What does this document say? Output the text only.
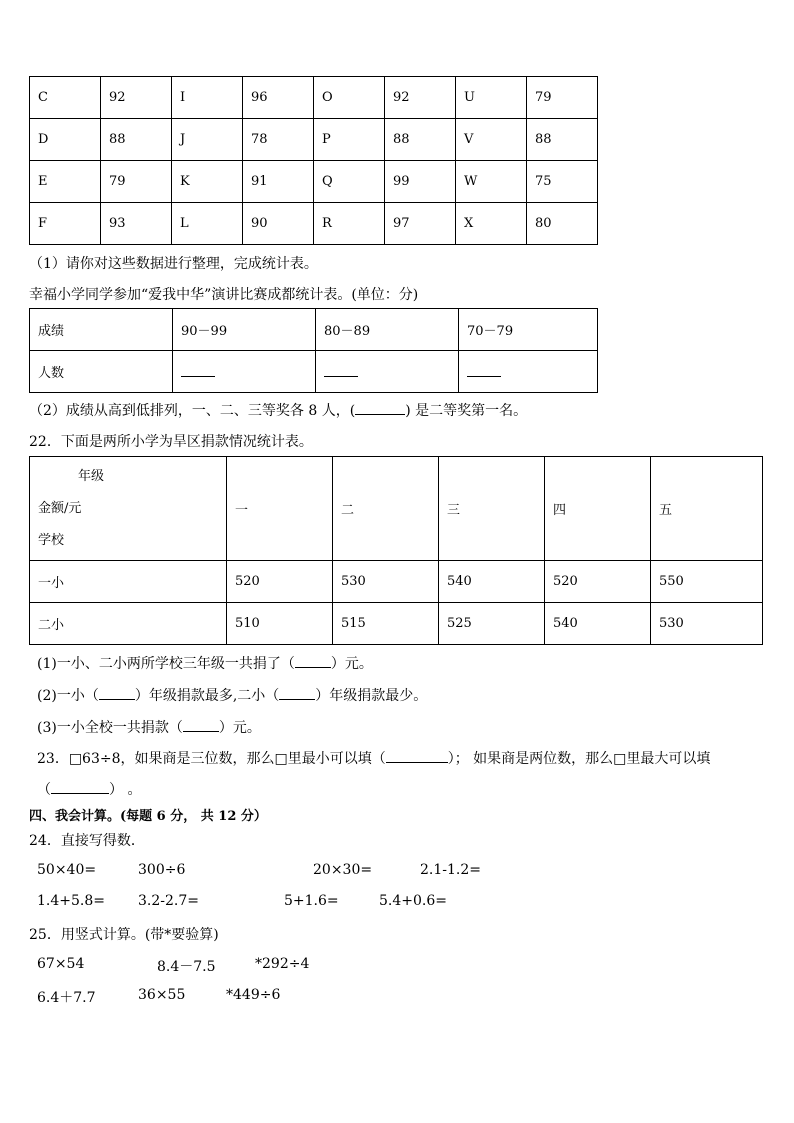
C	92	I	96	O	92	U	79
D	88	J	78	P	88	V	88
E	79	K	91	Q	99	W	75
F	93	L	90	R	97	X	80
（1）请你对这些数据进行整理，完成统计表。
幸福小学同学参加“爱我中华”演讲比赛成都统计表。(单位：分)
成绩	90－99	80－89	70－79
人数			
（2）成绩从高到低排列，一、二、三等奖各 8 人，(	) 是二等奖第一名。
22．下面是两所小学为旱区捐款情况统计表。
年级
金额/元
学校	一	二	三	四	五
一小	520	530	540	520	550
二小	510	515	525	540	530
(1)一小、二小两所学校三年级一共捐了（	）元。
(2)一小（	）年级捐款最多,二小（	）年级捐款最少。
(3)一小全校一共捐款（	）元。
23．□63÷8，如果商是三位数，那么□里最小可以填（	）； 如果商是两位数，那么□里最大可以填
（	） 。
四、我会计算。(每题 6 分， 共 12 分）
24．直接写得数．
50×40=	300÷6	20×30=	2.1-1.2=
1.4+5.8= 3.2-2.7=	5+1.6=	5.4+0.6=
25．用竖式计算。(带*要验算)
67×54	8.4－7.5	*292÷4
6.4＋7.7	36×55	*449÷6
